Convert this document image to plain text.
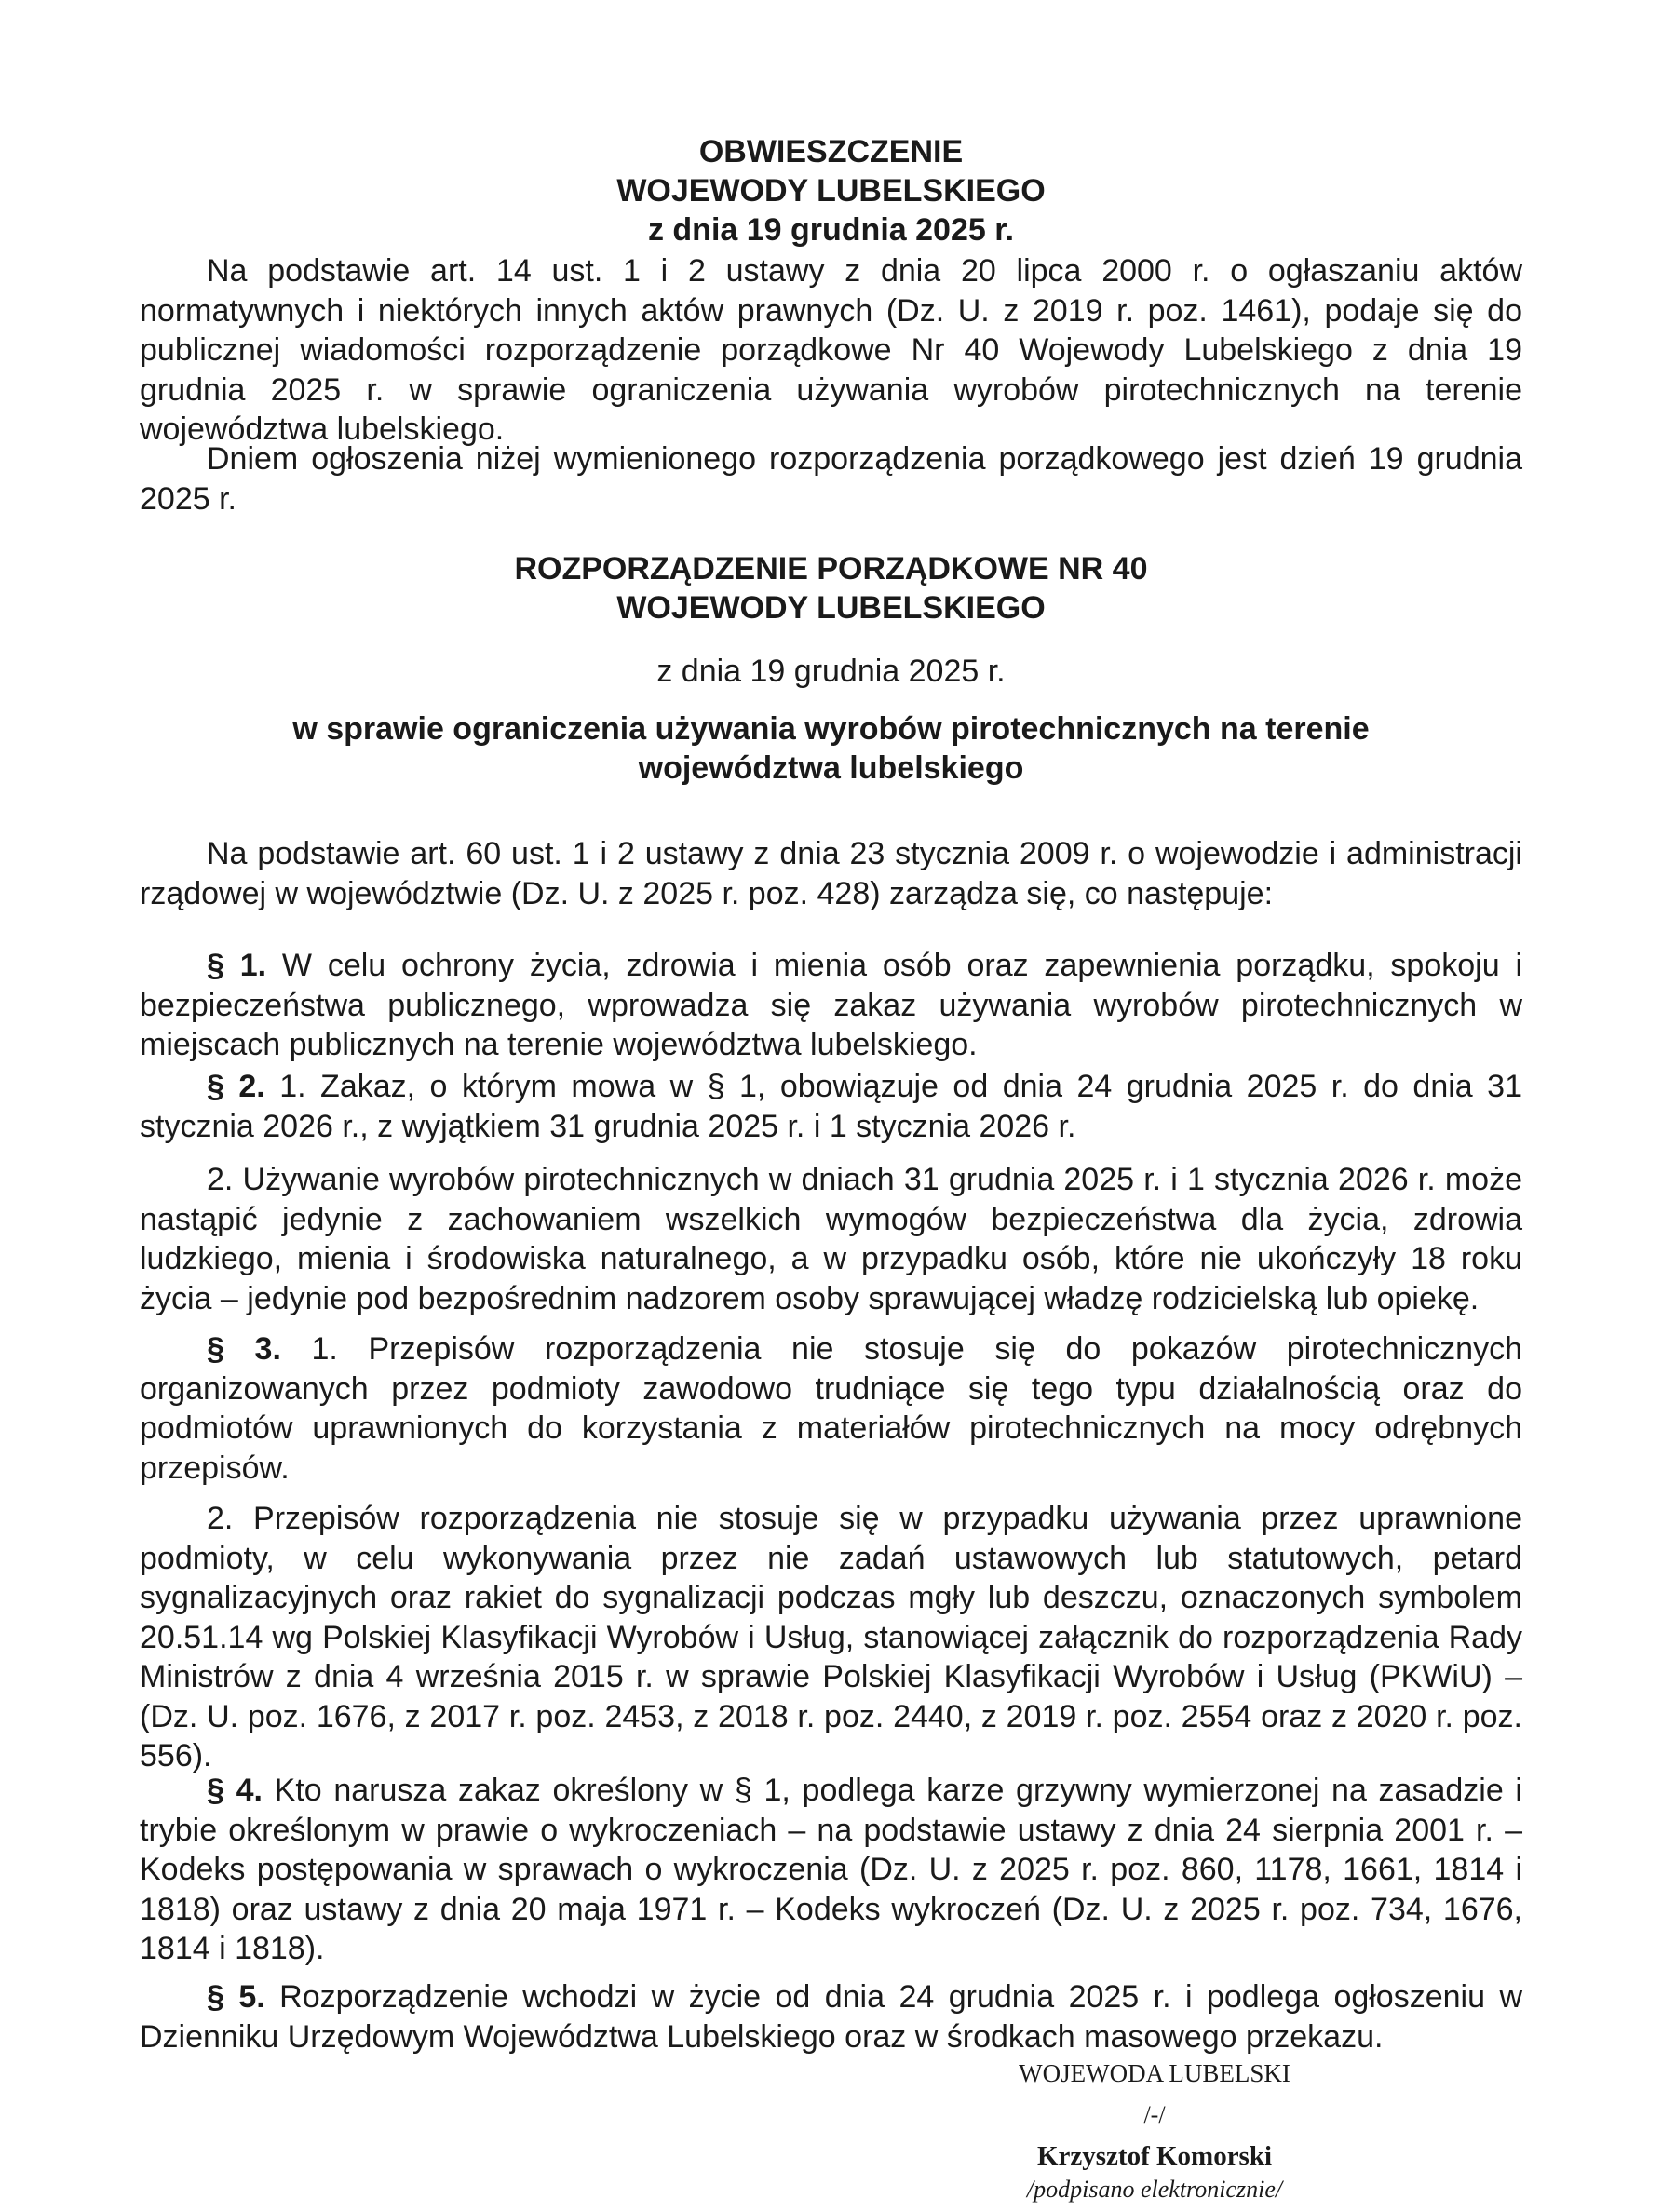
OBWIESZCZENIE
WOJEWODY LUBELSKIEGO
z dnia 19 grudnia 2025 r.

Na podstawie art. 14 ust. 1 i 2 ustawy z dnia 20 lipca 2000 r. o ogłaszaniu aktów normatywnych i niektórych innych aktów prawnych (Dz. U. z 2019 r. poz. 1461), podaje się do publicznej wiadomości rozporządzenie porządkowe Nr 40 Wojewody Lubelskiego z dnia 19 grudnia 2025 r. w sprawie ograniczenia używania wyrobów pirotechnicznych na terenie województwa lubelskiego.

Dniem ogłoszenia niżej wymienionego rozporządzenia porządkowego jest dzień 19 grudnia 2025 r.

ROZPORZĄDZENIE PORZĄDKOWE NR 40
WOJEWODY LUBELSKIEGO
z dnia 19 grudnia 2025 r.
w sprawie ograniczenia używania wyrobów pirotechnicznych na terenie
województwa lubelskiego

Na podstawie art. 60 ust. 1 i 2 ustawy z dnia 23 stycznia 2009 r. o wojewodzie i administracji rządowej w województwie (Dz. U. z 2025 r. poz. 428) zarządza się, co następuje:

§ 1. W celu ochrony życia, zdrowia i mienia osób oraz zapewnienia porządku, spokoju i bezpieczeństwa publicznego, wprowadza się zakaz używania wyrobów pirotechnicznych w miejscach publicznych na terenie województwa lubelskiego.

§ 2. 1. Zakaz, o którym mowa w § 1, obowiązuje od dnia 24 grudnia 2025 r. do dnia 31 stycznia 2026 r., z wyjątkiem 31 grudnia 2025 r. i 1 stycznia 2026 r.

2. Używanie wyrobów pirotechnicznych w dniach 31 grudnia 2025 r. i 1 stycznia 2026 r. może nastąpić jedynie z zachowaniem wszelkich wymogów bezpieczeństwa dla życia, zdrowia ludzkiego, mienia i środowiska naturalnego, a w przypadku osób, które nie ukończyły 18 roku życia – jedynie pod bezpośrednim nadzorem osoby sprawującej władzę rodzicielską lub opiekę.

§ 3. 1. Przepisów rozporządzenia nie stosuje się do pokazów pirotechnicznych organizowanych przez podmioty zawodowo trudniące się tego typu działalnością oraz do podmiotów uprawnionych do korzystania z materiałów pirotechnicznych na mocy odrębnych przepisów.

2. Przepisów rozporządzenia nie stosuje się w przypadku używania przez uprawnione podmioty, w celu wykonywania przez nie zadań ustawowych lub statutowych, petard sygnalizacyjnych oraz rakiet do sygnalizacji podczas mgły lub deszczu, oznaczonych symbolem 20.51.14 wg Polskiej Klasyfikacji Wyrobów i Usług, stanowiącej załącznik do rozporządzenia Rady Ministrów z dnia 4 września 2015 r. w sprawie Polskiej Klasyfikacji Wyrobów i Usług (PKWiU) – (Dz. U. poz. 1676, z 2017 r. poz. 2453, z 2018 r. poz. 2440, z 2019 r. poz. 2554 oraz z 2020 r. poz. 556).

§ 4. Kto narusza zakaz określony w § 1, podlega karze grzywny wymierzonej na zasadzie i trybie określonym w prawie o wykroczeniach – na podstawie ustawy z dnia 24 sierpnia 2001 r. – Kodeks postępowania w sprawach o wykroczenia (Dz. U. z 2025 r. poz. 860, 1178, 1661, 1814 i 1818) oraz ustawy z dnia 20 maja 1971 r. – Kodeks wykroczeń (Dz. U. z 2025 r. poz. 734, 1676, 1814 i 1818).

§ 5. Rozporządzenie wchodzi w życie od dnia 24 grudnia 2025 r. i podlega ogłoszeniu w Dzienniku Urzędowym Województwa Lubelskiego oraz w środkach masowego przekazu.

WOJEWODA LUBELSKI
/-/
Krzysztof Komorski
/podpisano elektronicznie/
